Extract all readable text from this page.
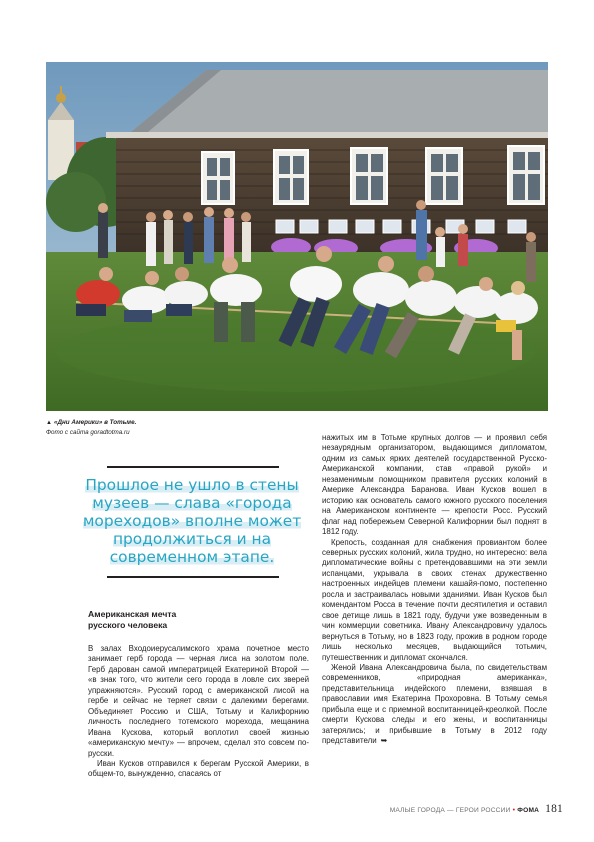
▲ «Дни Америки» в Тотьме.
Фото с сайта goradtotma.ru
Прошлое не ушло в стены
музеев — слава «города
мореходов» вполне может
продолжиться и на
современном этапе.
Американская мечта
русского человека

В залах Входоиерусалимского храма почетное место занимает герб города — черная лиса на золотом поле. Герб дарован самой императрицей Екатериной Второй — «в знак того, что жители сего города в ловле сих зверей упражняются». Русский город с американской лисой на гербе и сейчас не теряет связи с далекими берегами. Объединяет Россию и США, Тотьму и Калифорнию личность последнего тотемского морехода, мещанина Ивана Кускова, который воплотил своей жизнью «американскую мечту» — впрочем, сделал это совсем по-русски.

Иван Кусков отправился к берегам Русской Америки, в общем-то, вынужденно, спасаясь от

нажитых им в Тотьме крупных долгов — и проявил себя незаурядным организатором, выдающимся дипломатом, одним из самых ярких деятелей государственной Русско-Американской компании, став «правой рукой» и незаменимым помощником правителя русских колоний в Америке Александра Баранова. Иван Кусков вошел в историю как основатель самого южного русского поселения на Американском континенте — крепости Росс. Русский флаг над побережьем Северной Калифорнии был поднят в 1812 году.

Крепость, созданная для снабжения провиантом более северных русских колоний, жила трудно, но интересно: вела дипломатические войны с претендовавшими на эти земли испанцами, укрывала в своих стенах дружественно настроенных индейцев племени кашайя-помо, постепенно росла и застраивалась новыми зданиями. Иван Кусков был комендантом Росса в течение почти десятилетия и оставил свое детище лишь в 1821 году, будучи уже возведенным в чин коммерции советника. Ивану Александровичу удалось вернуться в Тотьму, но в 1823 году, прожив в родном городе лишь несколько месяцев, выдающийся тотьмич, путешественник и дипломат скончался.

Женой Ивана Александровича была, по свидетельствам современников, «природная американка», представительница индейского племени, взявшая в православии имя Екатерина Прохоровна. В Тотьму семья прибыла еще и с приемной воспитанницей-креолкой. После смерти Кускова следы и его жены, и воспитанницы затерялись; и прибывшие в Тотьму в 2012 году представители ➥

МАЛЫЕ ГОРОДА — ГЕРОИ РОССИИ • ФОМА 181
